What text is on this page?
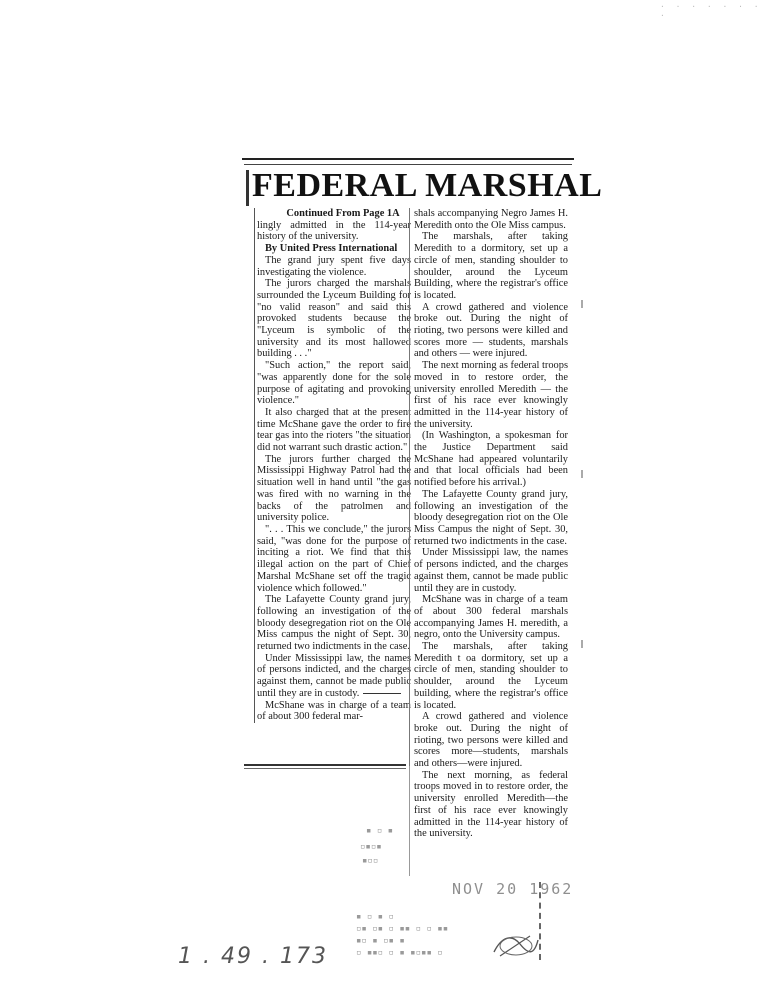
· · · · · · · ·
FEDERAL MARSHAL

Continued From Page 1A

lingly admitted in the 114-year history of the university.

By United Press International

The grand jury spent five days investigating the violence.

The jurors charged the marshals surrounded the Lyceum Building for "no valid reason" and said this provoked students because the "Lyceum is symbolic of the university and its most hallowed building . . ."

"Such action," the report said, "was apparently done for the sole purpose of agitating and provoking violence."

It also charged that at the present time McShane gave the order to fire tear gas into the rioters "the situation did not warrant such drastic action."

The jurors further charged the Mississippi Highway Patrol had the situation well in hand until "the gas was fired with no warning in the backs of the patrolmen and university police.

". . . This we conclude," the jurors said, "was done for the purpose of inciting a riot. We find that this illegal action on the part of Chief Marshal McShane set off the tragic violence which followed."

The Lafayette County grand jury, following an investigation of the bloody desegregation riot on the Ole Miss campus the night of Sept. 30, returned two indictments in the case.

Under Mississippi law, the names of persons indicted, and the charges against them, cannot be made public until they are in custody.

McShane was in charge of a team of about 300 federal mar-

shals accompanying Negro James H. Meredith onto the Ole Miss campus.

The marshals, after taking Meredith to a dormitory, set up a circle of men, standing shoulder to shoulder, around the Lyceum Building, where the registrar's office is located.

A crowd gathered and violence broke out. During the night of rioting, two persons were killed and scores more — students, marshals and others — were injured.

The next morning as federal troops moved in to restore order, the university enrolled Meredith — the first of his race ever knowingly admitted in the 114-year history of the university.

(In Washington, a spokesman for the Justice Department said McShane had appeared voluntarily and that local officials had been notified before his arrival.)

The Lafayette County grand jury, following an investigation of the bloody desegregation riot on the Ole Miss Campus the night of Sept. 30, returned two indictments in the case.

Under Mississippi law, the names of persons indicted, and the charges against them, cannot be made public until they are in custody.

McShane was in charge of a team of about 300 federal marshals accompanying James H. meredith, a negro, onto the University campus.

The marshals, after taking Meredith t oa dormitory, set up a circle of men, standing shoulder to shoulder, around the Lyceum building, where the registrar's office is located.

A crowd gathered and violence broke out. During the night of rioting, two persons were killed and scores more—students, marshals and others—were injured.

The next morning, as federal troops moved in to restore order, the university enrolled Meredith—the first of his race ever knowingly admitted in the 114-year history of the university.

▪ ▫ ▪
▫▪▫▪
▪▫▫
NOV 20 1962
▪ ▫ ▪ ▫
▫▪ ▫▪ ▫ ▪▪ ▫ ▫ ▪▪
▪▫ ▪ ▫▪ ▪
▫ ▪▪▫ ▫ ▪ ▪▫▪▪ ▫
1 . 49 . 173
